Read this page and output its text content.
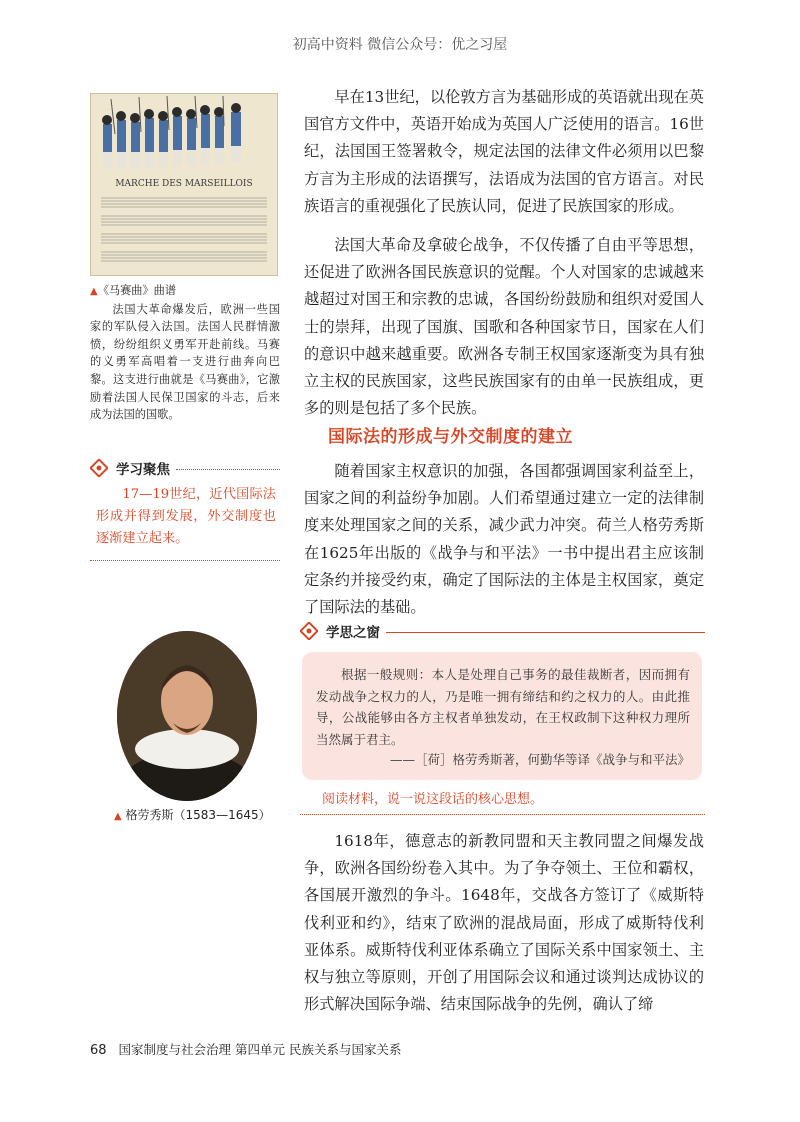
初高中资料 微信公众号：优之习屋
MARCHE DES MARSEILLOIS
▲《马赛曲》曲谱
法国大革命爆发后，欧洲一些国家的军队侵入法国。法国人民群情激愤，纷纷组织义勇军开赴前线。马赛的义勇军高唱着一支进行曲奔向巴黎。这支进行曲就是《马赛曲》，它激励着法国人民保卫国家的斗志，后来成为法国的国歌。
学习聚焦
17—19世纪，近代国际法形成并得到发展，外交制度也逐渐建立起来。
▲ 格劳秀斯（1583—1645）
早在13世纪，以伦敦方言为基础形成的英语就出现在英国官方文件中，英语开始成为英国人广泛使用的语言。16世纪，法国国王签署敕令，规定法国的法律文件必须用以巴黎方言为主形成的法语撰写，法语成为法国的官方语言。对民族语言的重视强化了民族认同，促进了民族国家的形成。
法国大革命及拿破仑战争，不仅传播了自由平等思想，还促进了欧洲各国民族意识的觉醒。个人对国家的忠诚越来越超过对国王和宗教的忠诚，各国纷纷鼓励和组织对爱国人士的崇拜，出现了国旗、国歌和各种国家节日，国家在人们的意识中越来越重要。欧洲各专制王权国家逐渐变为具有独立主权的民族国家，这些民族国家有的由单一民族组成，更多的则是包括了多个民族。
国际法的形成与外交制度的建立
随着国家主权意识的加强，各国都强调国家利益至上，国家之间的利益纷争加剧。人们希望通过建立一定的法律制度来处理国家之间的关系，减少武力冲突。荷兰人格劳秀斯在1625年出版的《战争与和平法》一书中提出君主应该制定条约并接受约束，确定了国际法的主体是主权国家，奠定了国际法的基础。
学思之窗
根据一般规则：本人是处理自己事务的最佳裁断者，因而拥有发动战争之权力的人，乃是唯一拥有缔结和约之权力的人。由此推导，公战能够由各方主权者单独发动，在王权政制下这种权力理所当然属于君主。
——［荷］格劳秀斯著，何勤华等译《战争与和平法》
阅读材料，说一说这段话的核心思想。
1618年，德意志的新教同盟和天主教同盟之间爆发战争，欧洲各国纷纷卷入其中。为了争夺领土、王位和霸权，各国展开激烈的争斗。1648年，交战各方签订了《威斯特伐利亚和约》，结束了欧洲的混战局面，形成了威斯特伐利亚体系。威斯特伐利亚体系确立了国际关系中国家领土、主权与独立等原则，开创了用国际会议和通过谈判达成协议的形式解决国际争端、结束国际战争的先例，确认了缔
68 国家制度与社会治理 第四单元 民族关系与国家关系
